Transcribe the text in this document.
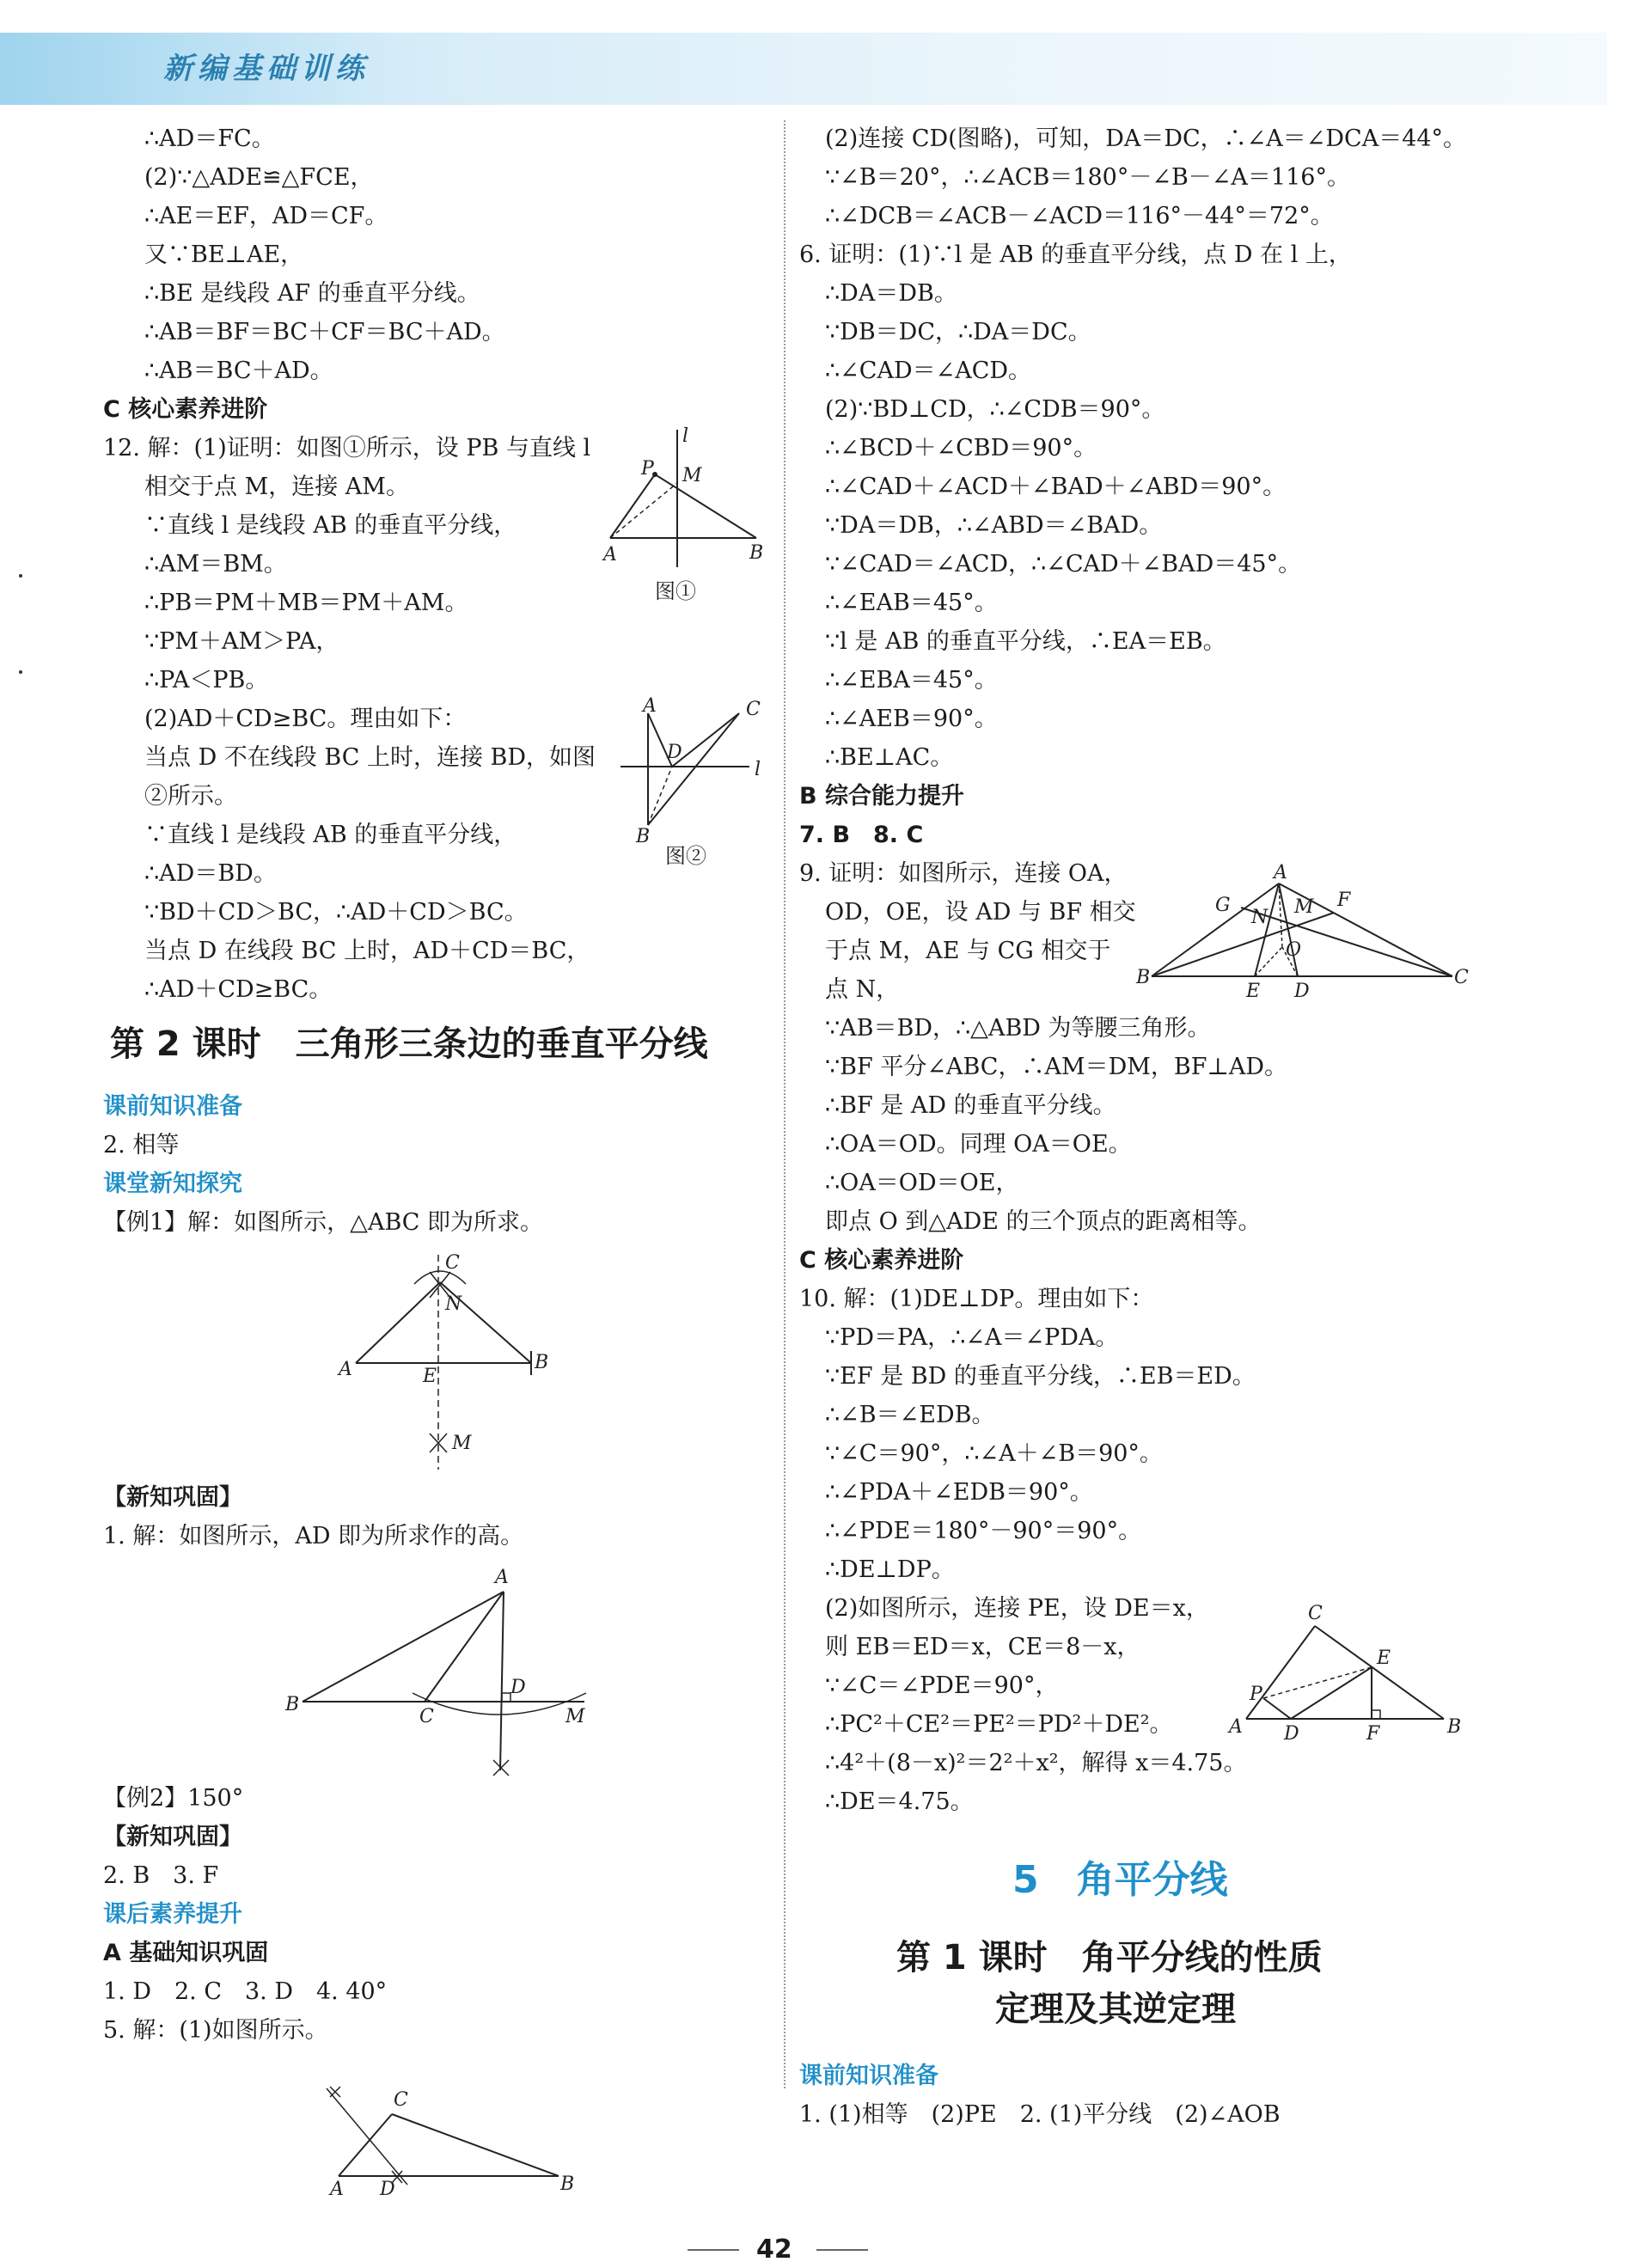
新编基础训练
∴AD＝FC。
(2)∵△ADE≌△FCE，
∴AE＝EF，AD＝CF。
又∵BE⊥AE，
∴BE 是线段 AF 的垂直平分线。
∴AB＝BF＝BC＋CF＝BC＋AD。
∴AB＝BC＋AD。
C 核心素养进阶
12. 解：(1)证明：如图①所示，设 PB 与直线 l
相交于点 M，连接 AM。
∵直线 l 是线段 AB 的垂直平分线，
∴AM＝BM。
∴PB＝PM＋MB＝PM＋AM。
∵PM＋AM＞PA，
∴PA＜PB。
(2)AD＋CD≥BC。理由如下：
当点 D 不在线段 BC 上时，连接 BD，如图
②所示。
∵直线 l 是线段 AB 的垂直平分线，
∴AD＝BD。
∵BD＋CD＞BC，∴AD＋CD＞BC。
当点 D 在线段 BC 上时，AD＋CD＝BC，
∴AD＋CD≥BC。
第 2 课时　三角形三条边的垂直平分线
课前知识准备
2. 相等
课堂新知探究
【例1】解：如图所示，△ABC 即为所求。
【新知巩固】
1. 解：如图所示，AD 即为所求作的高。
【例2】150°
【新知巩固】
2. B　3. F
课后素养提升
A 基础知识巩固
1. D　2. C　3. D　4. 40°
5. 解：(1)如图所示。
l
P M
A	B
图①
A	C
D
l
B
图②
C
N
A	E
B
M
A
B
C
D
M
C
A D	B
(2)连接 CD(图略)，可知，DA＝DC，∴∠A＝∠DCA＝44°。
∵∠B＝20°，∴∠ACB＝180°－∠B－∠A＝116°。
∴∠DCB＝∠ACB－∠ACD＝116°－44°＝72°。
6. 证明：(1)∵l 是 AB 的垂直平分线，点 D 在 l 上，
∴DA＝DB。
∵DB＝DC，∴DA＝DC。
∴∠CAD＝∠ACD。
(2)∵BD⊥CD，∴∠CDB＝90°。
∴∠BCD＋∠CBD＝90°。
∴∠CAD＋∠ACD＋∠BAD＋∠ABD＝90°。
∵DA＝DB，∴∠ABD＝∠BAD。
∵∠CAD＝∠ACD，∴∠CAD＋∠BAD＝45°。
∴∠EAB＝45°。
∵l 是 AB 的垂直平分线，∴EA＝EB。
∴∠EBA＝45°。
∴∠AEB＝90°。
∴BE⊥AC。
B 综合能力提升
7. B　8. C
9. 证明：如图所示，连接 OA，
OD，OE，设 AD 与 BF 相交
于点 M，AE 与 CG 相交于
点 N，
∵AB＝BD，∴△ABD 为等腰三角形。
∵BF 平分∠ABC，∴AM＝DM，BF⊥AD。
∴BF 是 AD 的垂直平分线。
∴OA＝OD。同理 OA＝OE。
∴OA＝OD＝OE，
即点 O 到△ADE 的三个顶点的距离相等。
C 核心素养进阶
10. 解：(1)DE⊥DP。理由如下：
∵PD＝PA，∴∠A＝∠PDA。
∵EF 是 BD 的垂直平分线，∴EB＝ED。
∴∠B＝∠EDB。
∵∠C＝90°，∴∠A＋∠B＝90°。
∴∠PDA＋∠EDB＝90°。
∴∠PDE＝180°－90°＝90°。
∴DE⊥DP。
(2)如图所示，连接 PE，设 DE＝x，
则 EB＝ED＝x，CE＝8－x，
∵∠C＝∠PDE＝90°，
∴PC²＋CE²＝PE²＝PD²＋DE²。
∴4²＋(8－x)²＝2²＋x²，解得 x＝4.75。
∴DE＝4.75。
5　角平分线
第 1 课时　角平分线的性质
定理及其逆定理
课前知识准备
1. (1)相等　(2)PE　2. (1)平分线　(2)∠AOB
A
G
N M F
O
B
E D
C
C
E
P
A D	F	B
42
